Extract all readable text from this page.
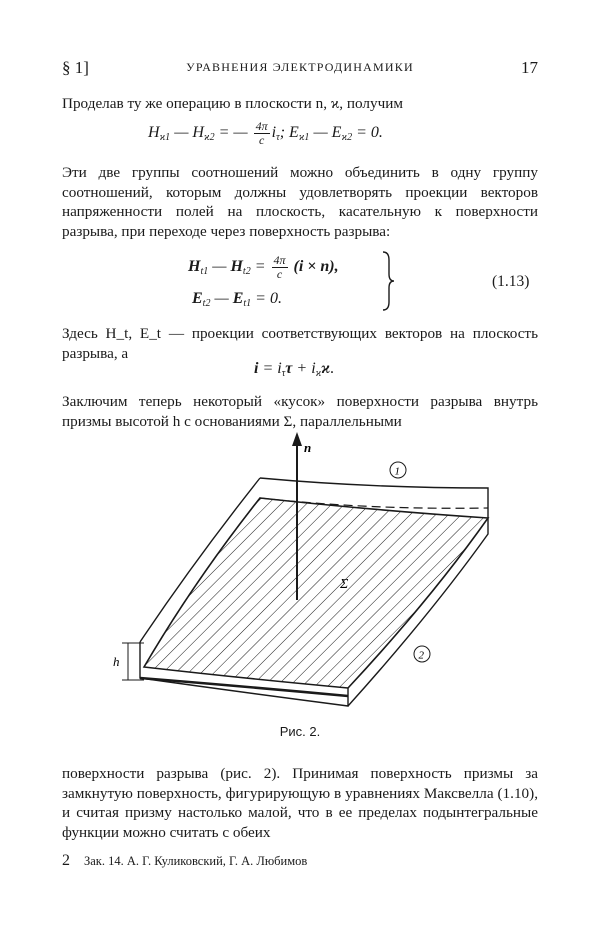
§ 1]	УРАВНЕНИЯ ЭЛЕКТРОДИНАМИКИ	17
Проделав ту же операцию в плоскости n, ϰ, получим
$H_{ϰ1}$ — $H_{ϰ2}$ = — $\frac{4\pi}{c} i_\tau$; $E_{ϰ1}$ — $E_{ϰ2} = 0$.
Эти две группы соотношений можно объединить в одну группу соотношений, которым должны удовлетворять проекции векторов напряженности полей на плоскость, касательную к поверхности разрыва, при переходе через поверхность разрыва:
$H_{t1}$ — $H_{t2} = \frac{4\pi}{c} (i \times n)$,
$E_{t2}$ — $E_{t1} = 0$.
(1.13)
Здесь H_t, E_t — проекции соответствующих векторов на плоскость разрыва, а
$i = i_\tau\tau + i_ϰϰ$.
Заключим теперь некоторый «кусок» поверхности разрыва внутрь призмы высотой h с основаниями Σ, параллельными
n
Σ
h
1
2
Рис. 2.
поверхности разрыва (рис. 2). Принимая поверхность призмы за замкнутую поверхность, фигурирующую в уравнениях Максвелла (1.10), и считая призму настолько малой, что в ее пределах подынтегральные функции можно считать с обеих
2 Зак. 14. А. Г. Куликовский, Г. А. Любимов
